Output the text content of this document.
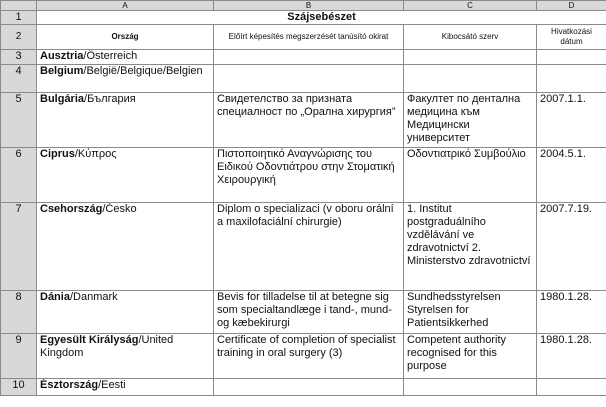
	A	B	C	D
1	Szájsebészet			
2	Ország	Előírt képesítés megszerzését tanúsító okirat	Kibocsátó szerv	Hivatkozási dátum
3	Ausztria / Österreich			
4	Belgium / België/Belgique/Belgien			
5	Bulgária / България	Свидетелство за призната специалност по „Орална хирургия”	Факултет по дентална медицина към Медицински университет	2007.1.1.
6	Ciprus / Κύπρος	Πιστοποιητικό Αναγνώρισης του Ειδικού Οδοντιάτρου στην Στοματική Χειρουργική	Οδοντιατρικό Συμβούλιο	2004.5.1.
7	Csehország / Česko	Diplom o specializaci (v oboru orální a maxilofaciální chirurgie)	1. Institut postgraduálního vzdělávání ve zdravotnictví 2. Ministerstvo zdravotnictví	2007.7.19.
8	Dánia / Danmark	Bevis for tilladelse til at betegne sig som specialtandlæge i tand-, mund- og kæbekirurgi	Sundhedsstyrelsen Styrelsen for Patientsikkerhed	1980.1.28.
9	Egyesült Királyság / United Kingdom	Certificate of completion of specialist training in oral surgery (3)	Competent authority recognised for this purpose	1980.1.28.
10	Észtország / Eesti			
